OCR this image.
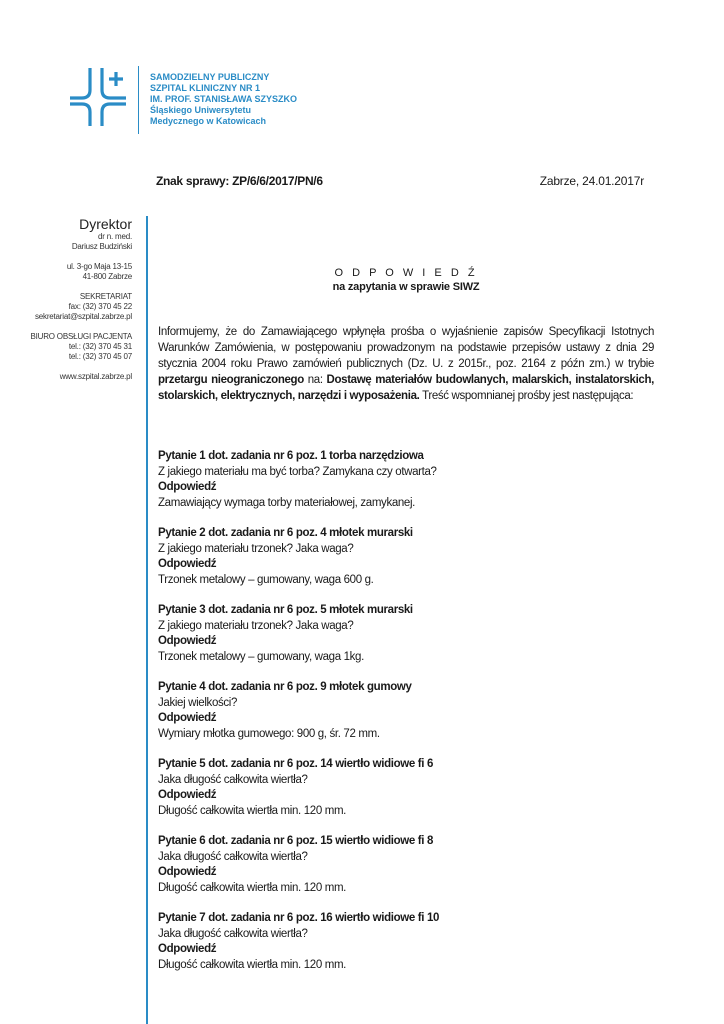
SAMODZIELNY PUBLICZNY
SZPITAL KLINICZNY NR 1
IM. PROF. STANISŁAWA SZYSZKO
Śląskiego Uniwersytetu
Medycznego w Katowicach
Znak sprawy: ZP/6/6/2017/PN/6	Zabrze, 24.01.2017r
Dyrektor
dr n. med.
Dariusz Budziński
ul. 3-go Maja 13-15
41-800 Zabrze
SEKRETARIAT
fax: (32) 370 45 22
sekretariat@szpital.zabrze.pl
BIURO OBSŁUGI PACJENTA
tel.: (32) 370 45 31
tel.: (32) 370 45 07
www.szpital.zabrze.pl
O D P O W I E D Ź
na zapytania w sprawie SIWZ
Informujemy, że do Zamawiającego wpłynęła prośba o wyjaśnienie zapisów Specyfikacji Istotnych Warunków Zamówienia, w postępowaniu prowadzonym na podstawie przepisów ustawy z dnia 29 stycznia 2004 roku Prawo zamówień publicznych (Dz. U. z 2015r., poz. 2164 z późn zm.) w trybie przetargu nieograniczonego na: Dostawę materiałów budowlanych, malarskich, instalatorskich, stolarskich, elektrycznych, narzędzi i wyposażenia. Treść wspomnianej prośby jest następująca:
Pytanie 1 dot. zadania nr 6 poz. 1 torba narzędziowa
Z jakiego materiału ma być torba? Zamykana czy otwarta?
Odpowiedź
Zamawiający wymaga torby materiałowej, zamykanej.
Pytanie 2 dot. zadania nr 6 poz. 4 młotek murarski
Z jakiego materiału trzonek? Jaka waga?
Odpowiedź
Trzonek metalowy – gumowany, waga 600 g.
Pytanie 3 dot. zadania nr 6 poz. 5 młotek murarski
Z jakiego materiału trzonek? Jaka waga?
Odpowiedź
Trzonek metalowy – gumowany, waga 1kg.
Pytanie 4 dot. zadania nr 6 poz. 9 młotek gumowy
Jakiej wielkości?
Odpowiedź
Wymiary młotka gumowego: 900 g, śr. 72 mm.
Pytanie 5 dot. zadania nr 6 poz. 14 wiertło widiowe fi 6
Jaka długość całkowita wiertła?
Odpowiedź
Długość całkowita wiertła min. 120 mm.
Pytanie 6 dot. zadania nr 6 poz. 15 wiertło widiowe fi 8
Jaka długość całkowita wiertła?
Odpowiedź
Długość całkowita wiertła min. 120 mm.
Pytanie 7 dot. zadania nr 6 poz. 16 wiertło widiowe fi 10
Jaka długość całkowita wiertła?
Odpowiedź
Długość całkowita wiertła min. 120 mm.
